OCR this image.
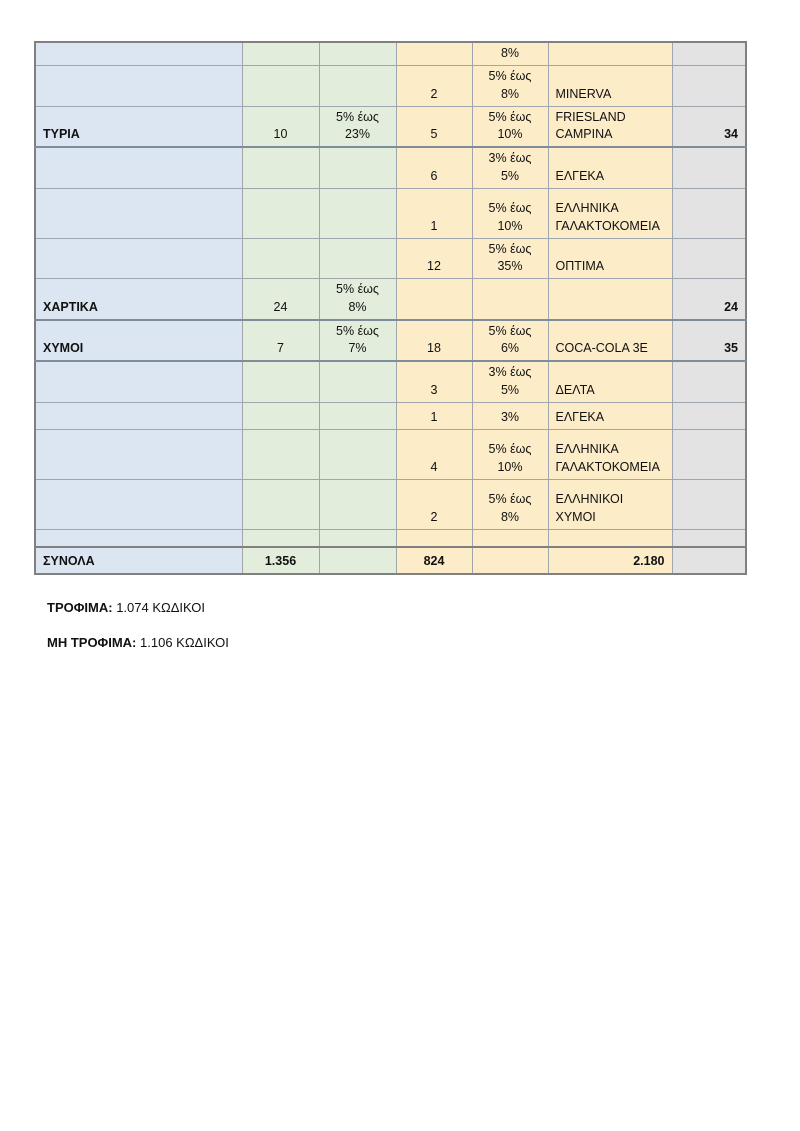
				8%		
			2	5% έως 8%	MINERVA	
ΤΥΡΙΑ	10	5% έως 23%	5	5% έως 10%	FRIESLAND CAMPINA	34
			6	3% έως 5%	ΕΛΓΕΚΑ	
			1	5% έως 10%	ΕΛΛΗΝΙΚΑ ΓΑΛΑΚΤΟΚΟΜΕΙΑ	
			12	5% έως 35%	ΟΠΤΙΜΑ	
ΧΑΡΤΙΚΑ	24	5% έως 8%				24
ΧΥΜΟΙ	7	5% έως 7%	18	5% έως 6%	COCA-COLA 3E	35
			3	3% έως 5%	ΔΕΛΤΑ	
			1	3%	ΕΛΓΕΚΑ	
			4	5% έως 10%	ΕΛΛΗΝΙΚΑ ΓΑΛΑΚΤΟΚΟΜΕΙΑ	
			2	5% έως 8%	ΕΛΛΗΝΙΚΟΙ ΧΥΜΟΙ	

ΣΥΝΟΛΑ	1.356		824		2.180	
ΤΡΟΦΙΜΑ: 1.074 ΚΩΔΙΚΟΙ
ΜΗ ΤΡΟΦΙΜΑ: 1.106 ΚΩΔΙΚΟΙ
